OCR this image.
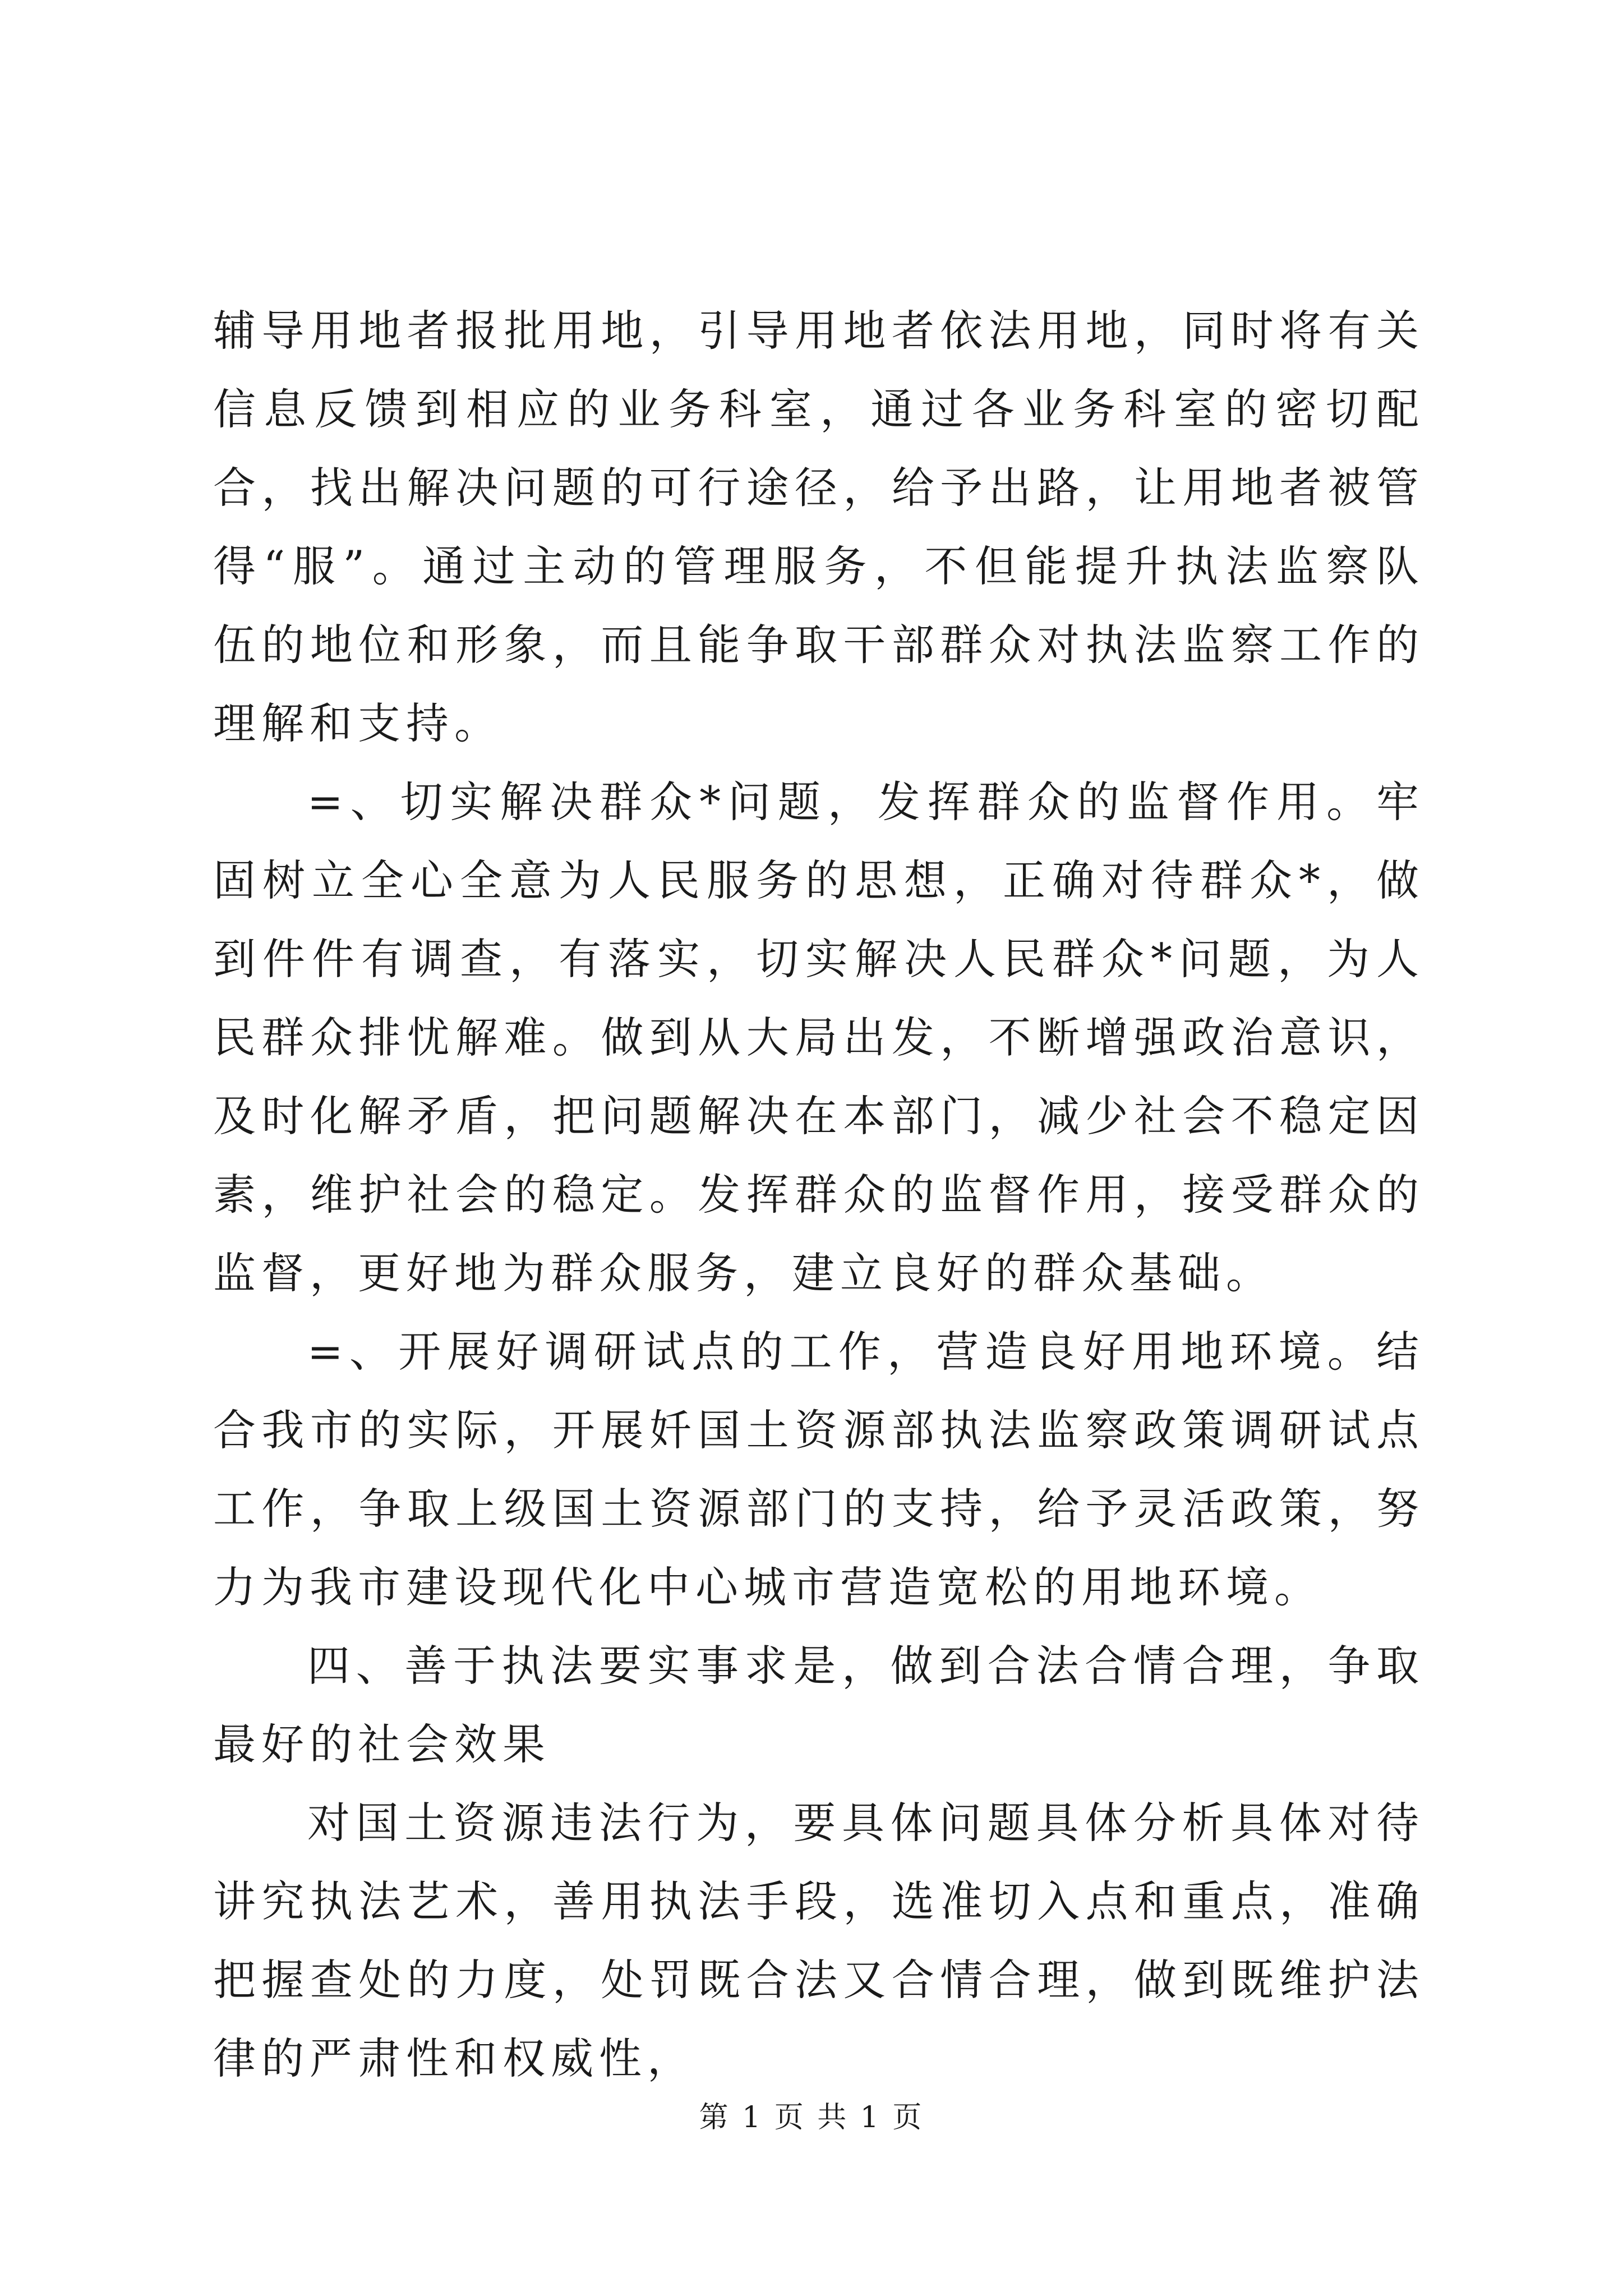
辅导用地者报批用地，引导用地者依法用地，同时将有关信息反馈到相应的业务科室，通过各业务科室的密切配合，找出解决问题的可行途径，给予出路，让用地者被管得“服”。通过主动的管理服务，不但能提升执法监察队伍的地位和形象，而且能争取干部群众对执法监察工作的理解和支持。

=、切实解决群众*问题，发挥群众的监督作用。牢固树立全心全意为人民服务的思想，正确对待群众*，做到件件有调查，有落实，切实解决人民群众*问题，为人民群众排忧解难。做到从大局出发，不断增强政治意识，及时化解矛盾，把问题解决在本部门，减少社会不稳定因素，维护社会的稳定。发挥群众的监督作用，接受群众的监督，更好地为群众服务，建立良好的群众基础。

=、开展好调研试点的工作，营造良好用地环境。结合我市的实际，开展奷国土资源部执法监察政策调研试点工作，争取上级国土资源部门的支持，给予灵活政策，努力为我市建设现代化中心城市营造宽松的用地环境。

四、善于执法要实事求是，做到合法合情合理，争取最好的社会效果

对国土资源违法行为，要具体问题具体分析具体对待讲究执法艺术，善用执法手段，选准切入点和重点，准确把握查处的力度，处罚既合法又合情合理，做到既维护法律的严肃性和权威性，

第 1 页 共 1 页
